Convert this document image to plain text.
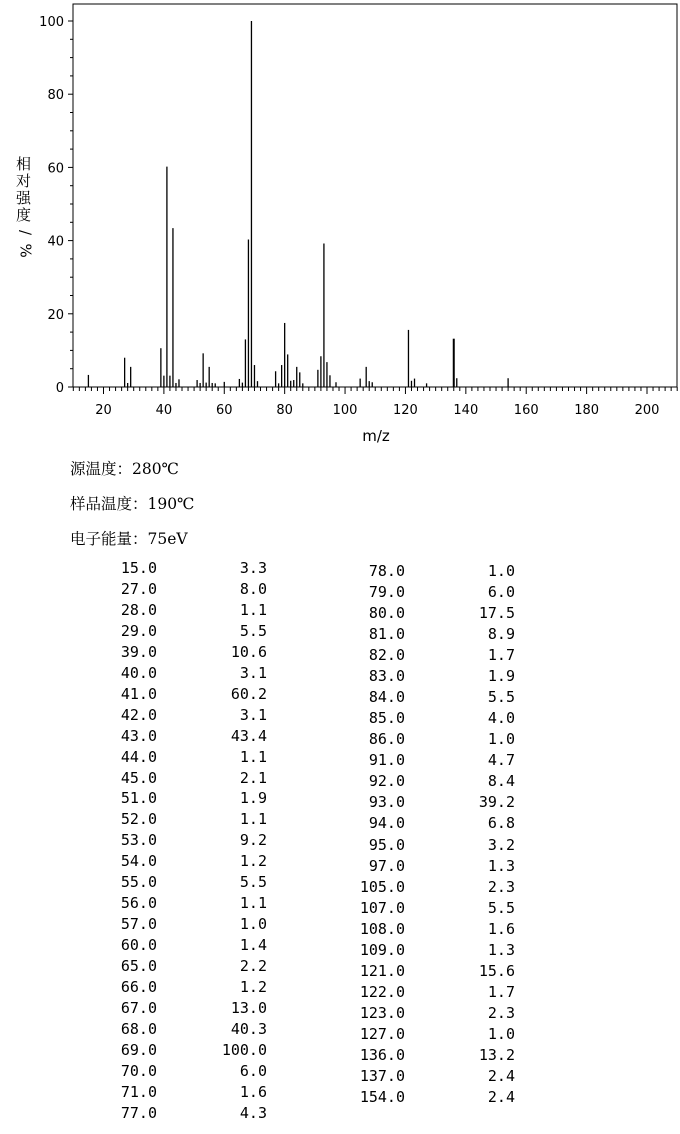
20	40	60	80	100	120	140	160	180	200
0
20
40
60
80
100
m/z
相
对
强
度
/
%
源温度：280℃
样品温度：190℃
电子能量：75eV
15.0	3.3
27.0	8.0
28.0	1.1
29.0	5.5
39.0	10.6
40.0	3.1
41.0	60.2
42.0	3.1
43.0	43.4
44.0	1.1
45.0	2.1
51.0	1.9
52.0	1.1
53.0	9.2
54.0	1.2
55.0	5.5
56.0	1.1
57.0	1.0
60.0	1.4
65.0	2.2
66.0	1.2
67.0	13.0
68.0	40.3
69.0	100.0
70.0	6.0
71.0	1.6
77.0	4.3
78.0	1.0
79.0	6.0
80.0	17.5
81.0	8.9
82.0	1.7
83.0	1.9
84.0	5.5
85.0	4.0
86.0	1.0
91.0	4.7
92.0	8.4
93.0	39.2
94.0	6.8
95.0	3.2
97.0	1.3
105.0	2.3
107.0	5.5
108.0	1.6
109.0	1.3
121.0	15.6
122.0	1.7
123.0	2.3
127.0	1.0
136.0	13.2
137.0	2.4
154.0	2.4
